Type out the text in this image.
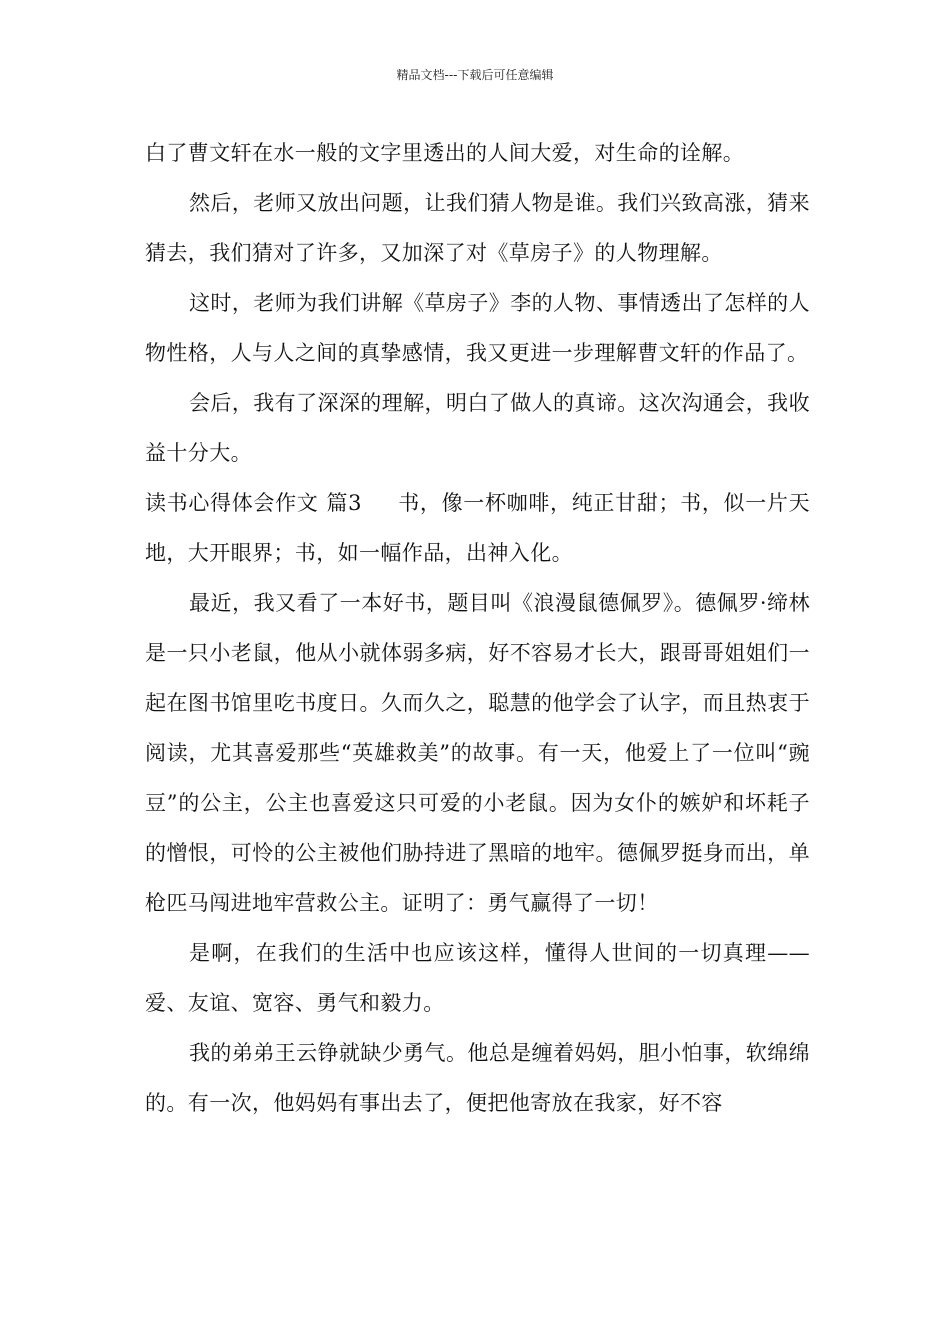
精品文档---下载后可任意编辑

白了曹文轩在水一般的文字里透出的人间大爱，对生命的诠解。

然后，老师又放出问题，让我们猜人物是谁。我们兴致高涨，猜来猜去，我们猜对了许多，又加深了对《草房子》的人物理解。

这时，老师为我们讲解《草房子》李的人物、事情透出了怎样的人物性格，人与人之间的真挚感情，我又更进一步理解曹文轩的作品了。

会后，我有了深深的理解，明白了做人的真谛。这次沟通会，我收益十分大。

读书心得体会作文 篇3 书，像一杯咖啡，纯正甘甜；书，似一片天地，大开眼界；书，如一幅作品，出神入化。

最近，我又看了一本好书，题目叫《浪漫鼠德佩罗》。德佩罗·缔林是一只小老鼠，他从小就体弱多病，好不容易才长大，跟哥哥姐姐们一起在图书馆里吃书度日。久而久之，聪慧的他学会了认字，而且热衷于阅读，尤其喜爱那些“英雄救美”的故事。有一天，他爱上了一位叫“豌豆”的公主，公主也喜爱这只可爱的小老鼠。因为女仆的嫉妒和坏耗子的憎恨，可怜的公主被他们胁持进了黑暗的地牢。德佩罗挺身而出，单枪匹马闯进地牢营救公主。证明了：勇气赢得了一切！

是啊，在我们的生活中也应该这样，懂得人世间的一切真理——爱、友谊、宽容、勇气和毅力。

我的弟弟王云铮就缺少勇气。他总是缠着妈妈，胆小怕事，软绵绵的。有一次，他妈妈有事出去了，便把他寄放在我家，好不容
